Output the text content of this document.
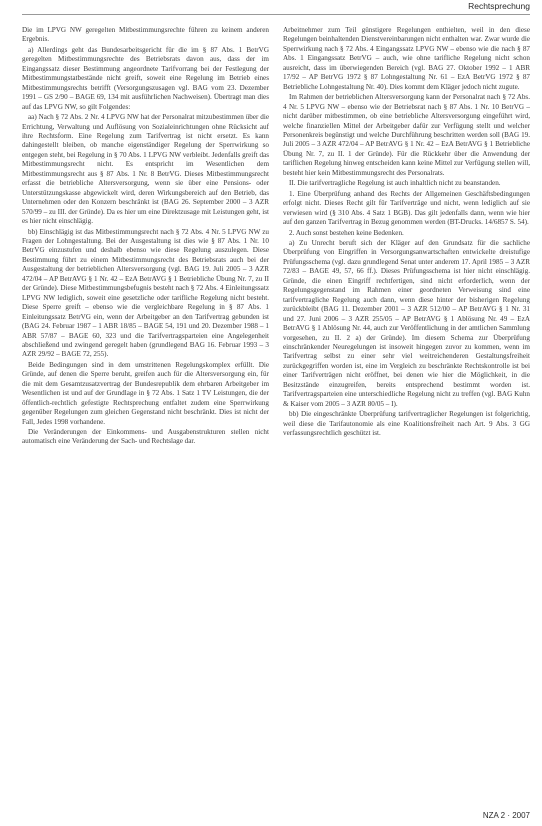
Rechtsprechung

Die im LPVG NW geregelten Mitbestimmungsrechte führen zu keinem anderen Ergebnis.

a) Allerdings geht das Bundesarbeitsgericht für die im § 87 Abs. 1 BetrVG geregelten Mitbestimmungsrechte des Betriebsrats davon aus, dass der im Eingangssatz dieser Bestimmung angeordnete Tarifvorrang bei der Festlegung der Mitbestimmungstatbestände nicht greift, soweit eine Regelung im Betrieb eines Mitbestimmungsrechts betrifft (Versorgungszusagen vgl. BAG vom 23. Dezember 1991 – GS 2/90 – BAGE 69, 134 mit ausführlichen Nachweisen). Übertragt man dies auf das LPVG NW, so gilt Folgendes:

aa) Nach § 72 Abs. 2 Nr. 4 LPVG NW hat der Personalrat mitzubestimmen über die Errichtung, Verwaltung und Auflösung von Sozialeinrichtungen ohne Rücksicht auf ihre Rechtsform. Eine Regelung zum Tarifvertrag ist nicht ersetzt. Es kann dahingestellt bleiben, ob manche eigenständiger Regelung der Sperrwirkung so entgegen steht, bei Regelung in § 70 Abs. 1 LPVG NW verbleibt. Jedenfalls greift das Mitbestimmungsrecht nicht. Es entspricht im Wesentlichen dem Mitbestimmungsrecht aus § 87 Abs. 1 Nr. 8 BetrVG. Dieses Mitbestimmungsrecht erfasst die betriebliche Altersversorgung, wenn sie über eine Pensions- oder Unterstützungskasse abgewickelt wird, deren Wirkungsbereich auf den Betrieb, das Unternehmen oder den Konzern beschränkt ist (BAG 26. September 2000 – 3 AZR 570/99 – zu III. der Gründe). Da es hier um eine Direktzusage mit Leistungen geht, ist es hier nicht einschlägig.

bb) Einschlägig ist das Mitbestimmungsrecht nach § 72 Abs. 4 Nr. 5 LPVG NW zu Fragen der Lohngestaltung. Bei der Ausgestaltung ist dies wie § 87 Abs. 1 Nr. 10 BetrVG einzustufen und deshalb ebenso wie diese Regelung auszulegen. Diese Bestimmung führt zu einem Mitbestimmungsrecht des Betriebsrats auch bei der Ausgestaltung der betrieblichen Altersversorgung (vgl. BAG 19. Juli 2005 – 3 AZR 472/04 – AP BetrAVG § 1 Nr. 42 – EzA BetrAVG § 1 Betriebliche Übung Nr. 7, zu II der Gründe). Diese Mitbestimmungsbefugnis besteht nach § 72 Abs. 4 Einleitungssatz LPVG NW lediglich, soweit eine gesetzliche oder tarifliche Regelung nicht besteht. Diese Sperre greift – ebenso wie die vergleichbare Regelung in § 87 Abs. 1 Einleitungssatz BetrVG ein, wenn der Arbeitgeber an den Tarifvertrag gebunden ist (BAG 24. Februar 1987 – 1 ABR 18/85 – BAGE 54, 191 und 20. Dezember 1988 – 1 ABR 57/87 – BAGE 60, 323 und die Tarifvertragsparteien eine Angelegenheit abschließend und zwingend geregelt haben (grundlegend BAG 16. Februar 1993 – 3 AZR 29/92 – BAGE 72, 255).

Beide Bedingungen sind in dem umstrittenen Regelungskomplex erfüllt. Die Gründe, auf denen die Sperre beruht, greifen auch für die Altersversorgung ein, für die mit dem Gesamtzusatzvertrag der Bundesrepublik dem ehrbaren Arbeitgeber im Wesentlichen ist und auf der Grundlage in § 72 Abs. 1 Satz 1 TV Leistungen, die der öffentlich-rechtlich gefestigte Rechtsprechung entfaltet zudem eine Sperrwirkung gegenüber Regelungen zum gleichen Gegenstand nicht beschränkt. Dies ist nicht der Fall, Jedes 1998 vorhandene.

Die Veränderungen der Einkommens- und Ausgabenstrukturen stellen nicht automatisch eine Veränderung der Sach- und Rechtslage dar.

Arbeitnehmer zum Teil günstigere Regelungen enthielten, weil in den diese Regelungen beinhaltenden Dienstvereinbarungen nicht enthalten war. Zwar wurde die Sperrwirkung nach § 72 Abs. 4 Eingangssatz LPVG NW – ebenso wie die nach § 87 Abs. 1 Eingangssatz BetrVG – auch, wie ohne tarifliche Regelung nicht schon ausreicht, dass im überwiegenden Bereich (vgl. BAG 27. Oktober 1992 – 1 ABR 17/92 – AP BetrVG 1972 § 87 Lohngestaltung Nr. 61 – EzA BetrVG 1972 § 87 Betriebliche Lohngestaltung Nr. 40). Dies kommt dem Kläger jedoch nicht zugute.

Im Rahmen der betrieblichen Altersversorgung kann der Personalrat nach § 72 Abs. 4 Nr. 5 LPVG NW – ebenso wie der Betriebsrat nach § 87 Abs. 1 Nr. 10 BetrVG – nicht darüber mitbestimmen, ob eine betriebliche Altersversorgung eingeführt wird, welche finanziellen Mittel der Arbeitgeber dafür zur Verfügung stellt und welcher Personenkreis begünstigt und welche Durchführung beschritten werden soll (BAG 19. Juli 2005 – 3 AZR 472/04 – AP BetrAVG § 1 Nr. 42 – EzA BetrAVG § 1 Betriebliche Übung Nr. 7, zu II. 1 der Gründe). Für die Rückkehr über die Anwendung der tariflichen Regelung hinweg entscheiden kann keine Mittel zur Verfügung stellen will, besteht hier kein Mitbestimmungsrecht des Personalrats.

II. Die tarifvertragliche Regelung ist auch inhaltlich nicht zu beanstanden.

1. Eine Überprüfung anhand des Rechts der Allgemeinen Geschäftsbedingungen erfolgt nicht. Dieses Recht gilt für Tarifverträge und nicht, wenn lediglich auf sie verwiesen wird (§ 310 Abs. 4 Satz 1 BGB). Das gilt jedenfalls dann, wenn wie hier auf den ganzen Tarifvertrag in Bezug genommen werden (BT-Drucks. 14/6857 S. 54).

2. Auch sonst bestehen keine Bedenken.

a) Zu Unrecht beruft sich der Kläger auf den Grundsatz für die sachliche Überprüfung von Eingriffen in Versorgungsanwartschaften entwickelte dreistufige Prüfungsschema (vgl. dazu grundlegend Senat unter anderem 17. April 1985 – 3 AZR 72/83 – BAGE 49, 57, 66 ff.). Dieses Prüfungsschema ist hier nicht einschlägig. Gründe, die einen Eingriff rechtfertigen, sind nicht erforderlich, wenn der Regelungsgegenstand im Rahmen einer geordneten Verweisung sind eine tarifvertragliche Regelung auch dann, wenn diese hinter der bisherigen Regelung zurückbleibt (BAG 11. Dezember 2001 – 3 AZR 512/00 – AP BetrAVG § 1 Nr. 31 und 27. Juni 2006 – 3 AZR 255/05 – AP BetrAVG § 1 Ablösung Nr. 49 – EzA BetrAVG § 1 Ablösung Nr. 44, auch zur Veröffentlichung in der amtlichen Sammlung vorgesehen, zu II. 2 a) der Gründe). Im diesem Schema zur Überprüfung einschränkender Neuregelungen ist insoweit hingegen zuvor zu kommen, wenn im Tarifvertrag selbst zu einer sehr viel weitreichenderen Gestaltungsfreiheit zurückgegriffen worden ist, eine im Vergleich zu beschränkte Rechtskontrolle ist bei einer Tarifverträgen nicht eröffnet, bei denen wie hier die Möglichkeit, in die Besitzstände einzugreifen, bereits entsprechend bestimmt worden ist. Tarifvertragsparteien eine unterschiedliche Regelung nicht zu treffen (vgl. BAG Kuhn & Kaiser vom 2005 – 3 AZR 80/05 – I).

bb) Die eingeschränkte Überprüfung tarifvertraglicher Regelungen ist folgerichtig, weil diese die Tarifautonomie als eine Koalitionsfreiheit nach Art. 9 Abs. 3 GG verfassungsrechtlich geschützt ist.

NZA 2 · 2007
